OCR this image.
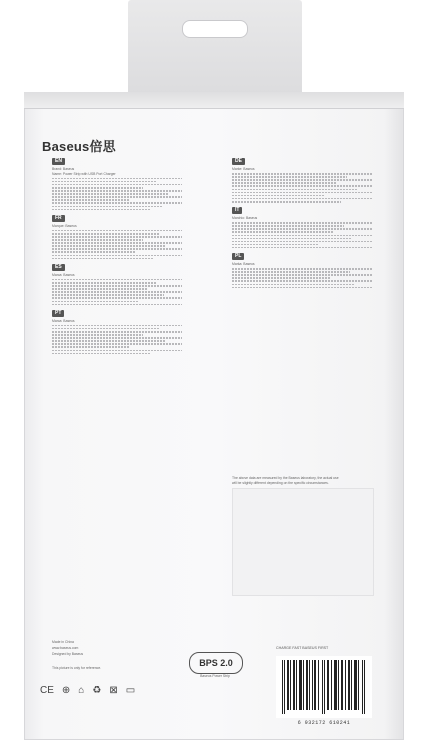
Baseus倍思
EN
Brand: Baseus
Name: Power Strip with USB Port Charger
FR
Marque: Baseus
ES
Marca: Baseus
PT
Marca: Baseus
DE
Marke: Baseus
IT
Marchio: Baseus
PL
Marka: Baseus
The above data are measured by the Baseus laboratory, the actual use
will be slightly different depending on the specific circumstances.
Made in China
www.baseus.com
Designed by Baseus
This picture is only for reference.	BPS 2.0
Baseus Power Strip
CHARGE FAST BASEUS FIRST
6 932172 610241
CE ⊕ ⌂ ♻ ⊠ ▭
